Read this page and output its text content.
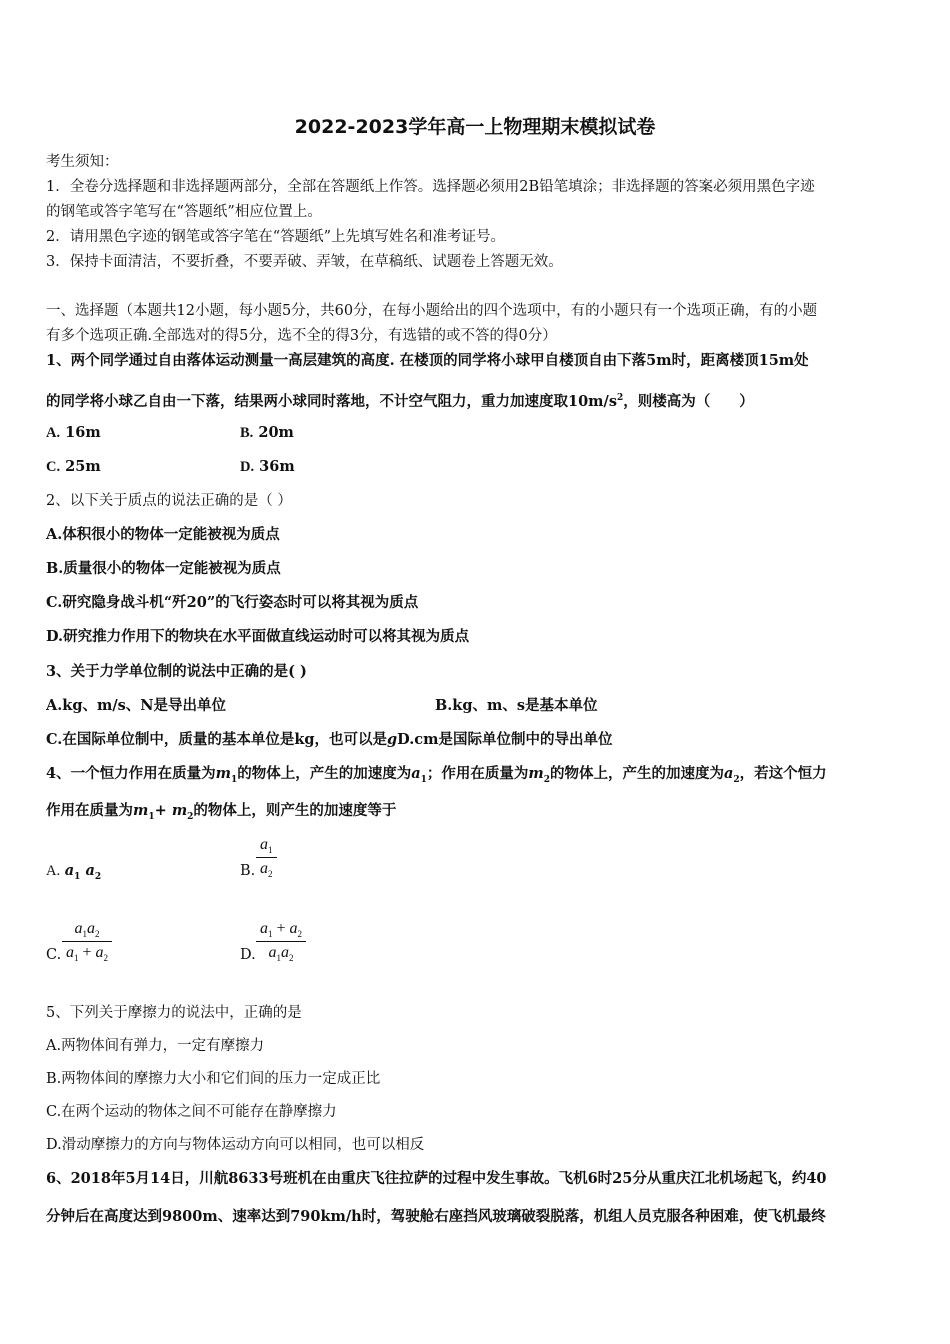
2022-2023学年高一上物理期末模拟试卷
考生须知：
1．全卷分选择题和非选择题两部分，全部在答题纸上作答。选择题必须用2B铅笔填涂；非选择题的答案必须用黑色字迹
的钢笔或答字笔写在“答题纸”相应位置上。
2．请用黑色字迹的钢笔或答字笔在“答题纸”上先填写姓名和准考证号。
3．保持卡面清洁，不要折叠，不要弄破、弄皱，在草稿纸、试题卷上答题无效。
一、选择题（本题共12小题，每小题5分，共60分，在每小题给出的四个选项中，有的小题只有一个选项正确，有的小题
有多个选项正确.全部选对的得5分，选不全的得3分，有选错的或不答的得0分）
1、两个同学通过自由落体运动测量一高层建筑的高度. 在楼顶的同学将小球甲自楼顶自由下落5m时，距离楼顶15m处
的同学将小球乙自由一下落，结果两小球同时落地，不计空气阻力，重力加速度取$10m/s^2$，则楼高为（　　）
A. 16m	B. 20m
C. 25m	D. 36m
2、以下关于质点的说法正确的是（ ）
A.体积很小的物体一定能被视为质点
B.质量很小的物体一定能被视为质点
C.研究隐身战斗机“歼20”的飞行姿态时可以将其视为质点
D.研究推力作用下的物块在水平面做直线运动时可以将其视为质点
3、关于力学单位制的说法中正确的是( )
A.kg、m/s、N是导出单位	B.kg、m、s是基本单位
C.在国际单位制中，质量的基本单位是kg，也可以是gD.cm是国际单位制中的导出单位
4、一个恒力作用在质量为$m_1$的物体上，产生的加速度为$a_1$；作用在质量为$m_2$的物体上，产生的加速度为$a_2$，若这个恒力
作用在质量为$m_1+ m_2$的物体上，则产生的加速度等于
A. $a_1$ $a_2$	B.
$a_1$
$a_2$
C.
$a_1a_2$
$a_1 + a_2$	D.
$a_1 + a_2$
$a_1a_2$
5、下列关于摩擦力的说法中，正确的是
A.两物体间有弹力，一定有摩擦力
B.两物体间的摩擦力大小和它们间的压力一定成正比
C.在两个运动的物体之间不可能存在静摩擦力
D.滑动摩擦力的方向与物体运动方向可以相同，也可以相反
6、2018年5月14日，川航8633号班机在由重庆飞往拉萨的过程中发生事故。飞机6时25分从重庆江北机场起飞，约40
分钟后在高度达到9800m、速率达到790km/h时，驾驶舱右座挡风玻璃破裂脱落，机组人员克服各种困难，使飞机最终
